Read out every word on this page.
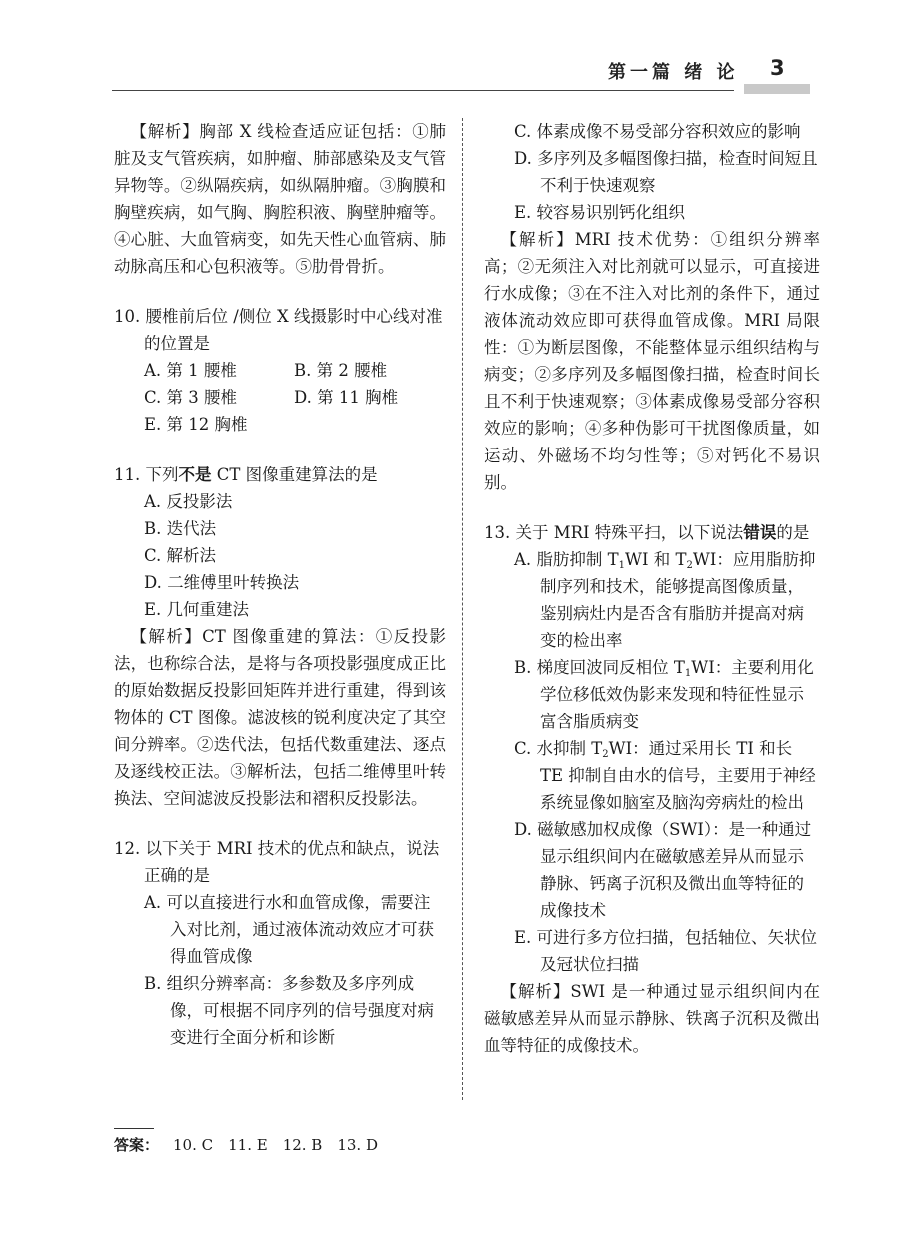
第一篇 绪 论 3

【解析】胸部 X 线检查适应证包括：①肺脏及支气管疾病，如肿瘤、肺部感染及支气管异物等。②纵隔疾病，如纵隔肿瘤。③胸膜和胸壁疾病，如气胸、胸腔积液、胸壁肿瘤等。④心脏、大血管病变，如先天性心血管病、肺动脉高压和心包积液等。⑤肋骨骨折。

10. 腰椎前后位 /侧位 X 线摄影时中心线对准的位置是

A. 第 1 腰椎	B. 第 2 腰椎
C. 第 3 腰椎	D. 第 11 胸椎
E. 第 12 胸椎

11. 下列不是 CT 图像重建算法的是

A. 反投影法

B. 迭代法

C. 解析法

D. 二维傅里叶转换法

E. 几何重建法

【解析】CT 图像重建的算法：①反投影法，也称综合法，是将与各项投影强度成正比的原始数据反投影回矩阵并进行重建，得到该物体的 CT 图像。滤波核的锐利度决定了其空间分辨率。②迭代法，包括代数重建法、逐点及逐线校正法。③解析法，包括二维傅里叶转换法、空间滤波反投影法和褶积反投影法。

12. 以下关于 MRI 技术的优点和缺点，说法正确的是

A. 可以直接进行水和血管成像，需要注入对比剂，通过液体流动效应才可获得血管成像

B. 组织分辨率高：多参数及多序列成像，可根据不同序列的信号强度对病变进行全面分析和诊断

C. 体素成像不易受部分容积效应的影响

D. 多序列及多幅图像扫描，检查时间短且不利于快速观察

E. 较容易识别钙化组织

【解析】MRI 技术优势：①组织分辨率高；②无须注入对比剂就可以显示，可直接进行水成像；③在不注入对比剂的条件下，通过液体流动效应即可获得血管成像。MRI 局限性：①为断层图像，不能整体显示组织结构与病变；②多序列及多幅图像扫描，检查时间长且不利于快速观察；③体素成像易受部分容积效应的影响；④多种伪影可干扰图像质量，如运动、外磁场不均匀性等；⑤对钙化不易识别。

13. 关于 MRI 特殊平扫，以下说法错误的是

A. 脂肪抑制 $T_1WI$ 和 $T_2WI$：应用脂肪抑制序列和技术，能够提高图像质量，鉴别病灶内是否含有脂肪并提高对病变的检出率

B. 梯度回波同反相位 $T_1WI$：主要利用化学位移低效伪影来发现和特征性显示富含脂质病变

C. 水抑制 $T_2WI$：通过采用长 TI 和长 TE 抑制自由水的信号，主要用于神经系统显像如脑室及脑沟旁病灶的检出

D. 磁敏感加权成像（SWI）：是一种通过显示组织间内在磁敏感差异从而显示静脉、钙离子沉积及微出血等特征的成像技术

E. 可进行多方位扫描，包括轴位、矢状位及冠状位扫描

【解析】SWI 是一种通过显示组织间内在磁敏感差异从而显示静脉、铁离子沉积及微出血等特征的成像技术。

答案： 10. C　11. E　12. B　13. D
